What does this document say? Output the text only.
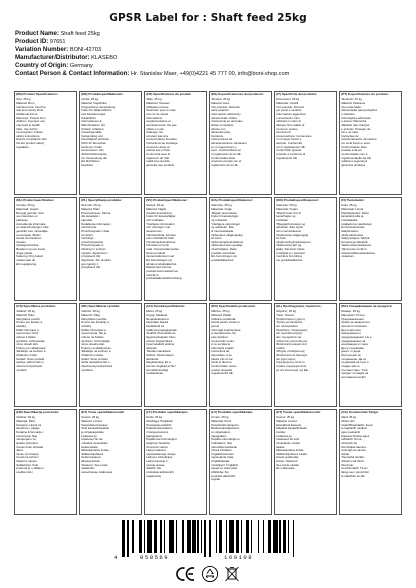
GPSR Label for : Shaft feed 25kg
Product Name: Shaft feed 25kg
Product ID: 97651
Variation Number: BONI-42703
Manufacturer/Distributor: KLASEBO
Country of Origin: Germany
Contact Person & Contact Information: Hr. Stanislav Maer, +49(0)4221 45 777 00, info@boni-shop.com
(EN) Product Specifications:
Size: 25 kg
Material: 8mm
Intended Use: Feed for
rats and canary birds
Additional Info &
Warnings: Protect from
children. Improper use
may lead to health
risks. Use full for
consumption. Follow
safety instructions.
Ensure compliance with
the EU product safety
regulation.
(DE) Produktspezifikationen:
Größe: 25 kg
Material: Vogelfutter
Vorgesehene Verwendung:
Futter für Wellensittiche
und Kanarienvögel
Zusätzliche
Informationen &
Warnhinweise: Vor
Kindern schützen.
Unsachgemäße
Verwendung und
Feuchtigkeit schützen.
Nicht für Menschen
bestimmt. Futter
konsumieren. Die
Sicherheitshinweise
zur Verwendung der
EU-Richtlinien
beachten.
(FR) Spécifications du produit:
Taille: 25 kg
Matériau: Oiseaux
Utilisation prévue:
Nourriture pour le mais
et le riz de canari
Informations
supplémentaires et
avertissements: Ne pas
utiliser en cas
d'allergie. Ne
convient pas à la
consommation humaine.
Instructions de stockage:
conserver dans un
endroit sec et frais
Conformité avec le
règlement de l'UE
relatif à la sécurité
générale des produits.
(ES) Especificaciones del producto:
Tamaño: 25 kg
Material: Aves
Uso previsto: Alimento
para canarios
Información adicional y
advertencias: Utilice
únicamente en animales.
Evitar el contacto
directo con
alimentos para
humanos.
Instrucciones de
almacenamiento: Almacene
en un lugar fresco y
seco. Conformidad con
el reglamento de la UE.
Conformidad: Este
producto cumple con el
reglamento de la UE.
(IT) Specifiche del prodotto:
Dimensioni: 25 kg
Materiale: Uccelli
Uso previsto: Alimenti
per pesci e canarini
Informazioni aggiuntive
e avvertenze: Non
utilizzare in caso di
allergia. Non adatto al
consumo umano.
Istruzioni di
conservazione: Conservare
in un luogo fresco e
asciutto. Conformità
con il regolamento UE.
Conformità: Questo
prodotto è conforme al
regolamento UE.
(PT) Especificações do produto:
Tamanho: 25 kg
Material: Pássaros
Uso pretendido:
Alimentação para periquitos
e canários
Informações adicionais
e avisos: Mantenha
afastado das crianças
e animais. Proteger da
luz e do calor.
Instruções de
armazenamento: Armazene
em local fresco e seco.
Conformidade: Este
produto está em
conformidade com a
regulamentação da UE
relativa à segurança
geral dos produtos.
(NL) Productspecificaties:
Grootte: 25 kg
Materiaal: Vogels
Beoogd gebruik: Voer
voor kanaries en
parkieten
Aanvullende informatie
en waarschuwingen: Niet
geschikt voor menselijke
consumptie. Buiten
bereik van kinderen
houden.
Opslaginstructies:
Bewaren op een koele,
droge plaats.
Naleving: Dit product
voldoet aan de
EU-regelgeving.
(PL) Specyfikacja produktu:
Rozmiar: 25 kg
Materiał: Ptaki
Przeznaczenie: Karma
dla kanarków i
papużek
Dodatkowe informacje i
ostrzeżenia:
Przechowywać z dala
od dzieci.
Instrukcje
przechowywania:
Przechowywać w
chłodnym i suchym
miejscu. Zgodność z
przepisami UE.
Zgodność: Ten produkt
jest zgodny z
przepisami UE.
(SV) Produktspecifikationer:
Storlek: 25 kg
Material: Fåglar
Avsedd användning:
Foder för kanariefåglar
och undulater
Ytterligare information
och varningar: Inte
avsedd som
människoföda. Förvara
utom räckhåll för barn.
Förvaringsinstruktioner:
Förvaras torrt och
svalt. Överensstämmelse:
Denna produkt
överensstämmer med
EU-förordningen om
allmän produktsäkerhet.
Efterlevnad: Denna
produkt överensstämmer
med EU:s
produktsäkerhetsförordning.
(DA) Produktspecifikationer:
Størrelse: 25 kg
Materiale: Fugle
Tilsigtet anvendelse:
Foder til kanariefugle
og undulater
Yderligere oplysninger
og advarsler: Ikke
til menneskeføde.
Opbevares utilgængeligt
for børn.
Opbevaringsinstruktioner:
Opbevares tørt og køligt.
Overholdelse: Dette
produkt overholder
EU-forordningen om
produktsikkerhed.
(NO) Produktspesifikasjoner:
Størrelse: 25 kg
Materiale: Fugler
Tiltenkt bruk: Fôr til
kanarifugler og
undulater
Tilleggsinformasjon og
advarsler: Ikke egnet
som menneskemat.
Oppbevares utilgjengelig
for barn.
Oppbevaringsinstruksjoner:
Oppbevares tørt og
kjølig. Samsvar: Dette
produktet er i samsvar
med EUs forordning
om produktsikkerhet.
(FI) Tuotetiedot:
Koko: 25 kg
Materiaali: Linnut
Käyttötarkoitus: Rehu
kanarialinnuille ja
undulaateille
Lisätiedot ja varoitukset:
Ei ihmisravinnoksi.
Säilytä lasten
ulottumattomissa.
Säilytysohjeet: Säilytä
kuivassa ja viileässä.
Vaatimustenmukaisuus:
Tämä tuote on EU:n
tuoteturvallisuusasetuksen
mukainen.
(CS) Specifikace produktu:
Velikost: 25 kg
Materiál: Ptáci
Zamýšlené použití:
Krmivo pro kanáry a
andulky
Další informace a
upozornění: Není
určeno k lidské
spotřebě. Uchovávejte
mimo dosah dětí.
Pokyny pro skladování:
Skladujte na suchém a
chladném místě.
Soulad: Tento produkt
splňuje nařízení EU o
obecné bezpečnosti
výrobků.
(SK) Špecifikácie výrobku:
Veľkosť: 25 kg
Materiál: Vtáky
Zamýšľané použitie:
Krmivo pre kanáriky a
andulky
Ďalšie informácie a
upozornenia: Nie je
určené na ľudskú
spotrebu. Uchovávajte
mimo dosahu detí.
Pokyny na skladovanie:
Skladujte na suchom a
chladnom mieste.
Súlad: Tento produkt
spĺňa nariadenie EÚ o
všeobecnej bezpečnosti
výrobkov.
(HU) Termékspecifikációk:
Méret: 25 kg
Anyag: Madarak
Rendeltetésszerű
használat: Eledel
kanáriknak és
hullámos papagájoknak
További információk és
figyelmeztetések: Nem
emberi fogyasztásra.
Gyermekektől elzárva
tartandó.
Tárolási utasítások:
Száraz, hűvös helyen
tárolandó.
Megfelelőség: Ez a
termék megfelel az EU
termékbiztonsági
rendeletének.
(RO) Specificațiile produsului:
Mărime: 25 kg
Material: Păsări
Utilizare prevăzută:
Hrană pentru canari și
peruși
Informații suplimentare
și avertismente: Nu
este destinat
consumului uman.
A nu se lăsa la
îndemâna copiilor.
Instrucțiuni de
depozitare: A se
păstra într-un loc
uscat și răcoros.
Conformitate: Acest
produs respectă
regulamentul UE.
(EL) Προδιαγραφές προϊόντος:
Μέγεθος: 25 kg
Υλικό: Πουλιά
Προβλεπόμενη χρήση:
Τροφή για καναρίνια
και παπαγαλάκια
Πρόσθετες πληροφορίες
και προειδοποιήσεις:
Δεν προορίζεται για
ανθρώπινη κατανάλωση.
Φυλάσσεται μακριά από
παιδιά.
Οδηγίες αποθήκευσης:
Φυλάσσεται σε δροσερό
και ξηρό μέρος.
Συμμόρφωση: Αυτό το
προϊόν συμμορφώνεται
με τον κανονισμό της ΕΕ.
(BG) Спецификации на продукта:
Размер: 25 kg
Материал: Птици
Предназначение:
Храна за канарчета и
вълнисти папагали
Допълнителна
информация и
предупреждения: Не е
предназначено за
консумация от хора.
Да се съхранява
далеч от деца.
Инструкции за
съхранение: Да се
съхранява на сухо и
хладно място.
Съответствие: Този
продукт отговаря на
регламента на ЕС.
(HR) Specifikacije proizvoda:
Veličina: 25 kg
Materijal: Ptice
Namjena: Hrana za
kanarince i papige
Dodatne informacije i
upozorenja: Nije
namijenjeno za
ljudsku prehranu.
Čuvati izvan dohvata
djece.
Upute za čuvanje:
Čuvati na suhom i
hladnom mjestu.
Sukladnost: Ovaj
proizvod je u skladu s
uredbom EU.
(ET) Toote spetsifikatsioonid:
Suurus: 25 kg
Materjal: Linnud
Kavandatud kasutus:
Sööt kanaarilindudele
ja viirpapagoidele
Lisateave ja
hoiatused: Ei ole
mõeldud inimtoiduks.
Hoida lastele
kättesaamatus kohas.
Säilitamisjuhised:
Hoida kuivas ja
jahedas kohas.
Vastavus: See toode
vastab ELi
tooteohutuse määrusele.
(LT) Produkto specifikacijos:
Dydis: 25 kg
Medžiaga: Paukščiai
Numatytoji paskirtis:
Pašaras kanarėlėms
ir banguotosioms
papūgėlėms
Papildoma informacija ir
įspėjimai: Neskirta
žmonėms vartoti.
Laikyti vaikams
nepasiekiamoje vietoje.
Laikymo instrukcijos:
Laikyti sausoje ir
vėsioje vietoje.
Atitiktis: Šis
produktas atitinka ES
reglamentą.
(LV) Produkta specifikācijas:
Izmērs: 25 kg
Materiāls: Putni
Paredzētais lietojums:
Barība kanārijputniem
un viļņainajiem
papagaiļiem
Papildu informācija un
brīdinājumi: Nav
paredzēts lietošanai
uzturā cilvēkiem.
Uzglabāt bērniem
nepieejamā vietā.
Uzglabāšanas
norādījumi: Uzglabāt
sausā un vēsā vietā.
Atbilstība: Šis
produkts atbilst ES
regulai.
(ET) Traute spetsifikatsioonid:
Suurus: 25 kg
Materjal: Linnud
Ettenähtud kasutus:
Mõeldud kanaarilindude
toiduks
Lisateave ja
hoiatused: Ei sobi
inimtoiduks. Hoida
lastele
kättesaamatus kohas.
Säilitamisjuhised: Hoida
kuivas ja jahedas
kohas. Vastavus:
See toode vastab
ELi määrusele.
(GA) Sonraíochtaí Táirge:
Méid: 25 kg
Ábhar: Éin
Úsáid Bheartaithe: Feed
le haghaidh canáraí
agus pearaicítí
Faisnéis bhreise agus
rabhaidh: Níl sé
oiriúnach do
thomhaltas daonna.
Coinnigh as aimsiú
leanaí.
Treoracha stórála:
Stóráil in áit thirim
fhionnuar.
Comhlíonadh: Tá an
táirge seo i gcomhréir
le rialachán an AE.
4	058569	169108
